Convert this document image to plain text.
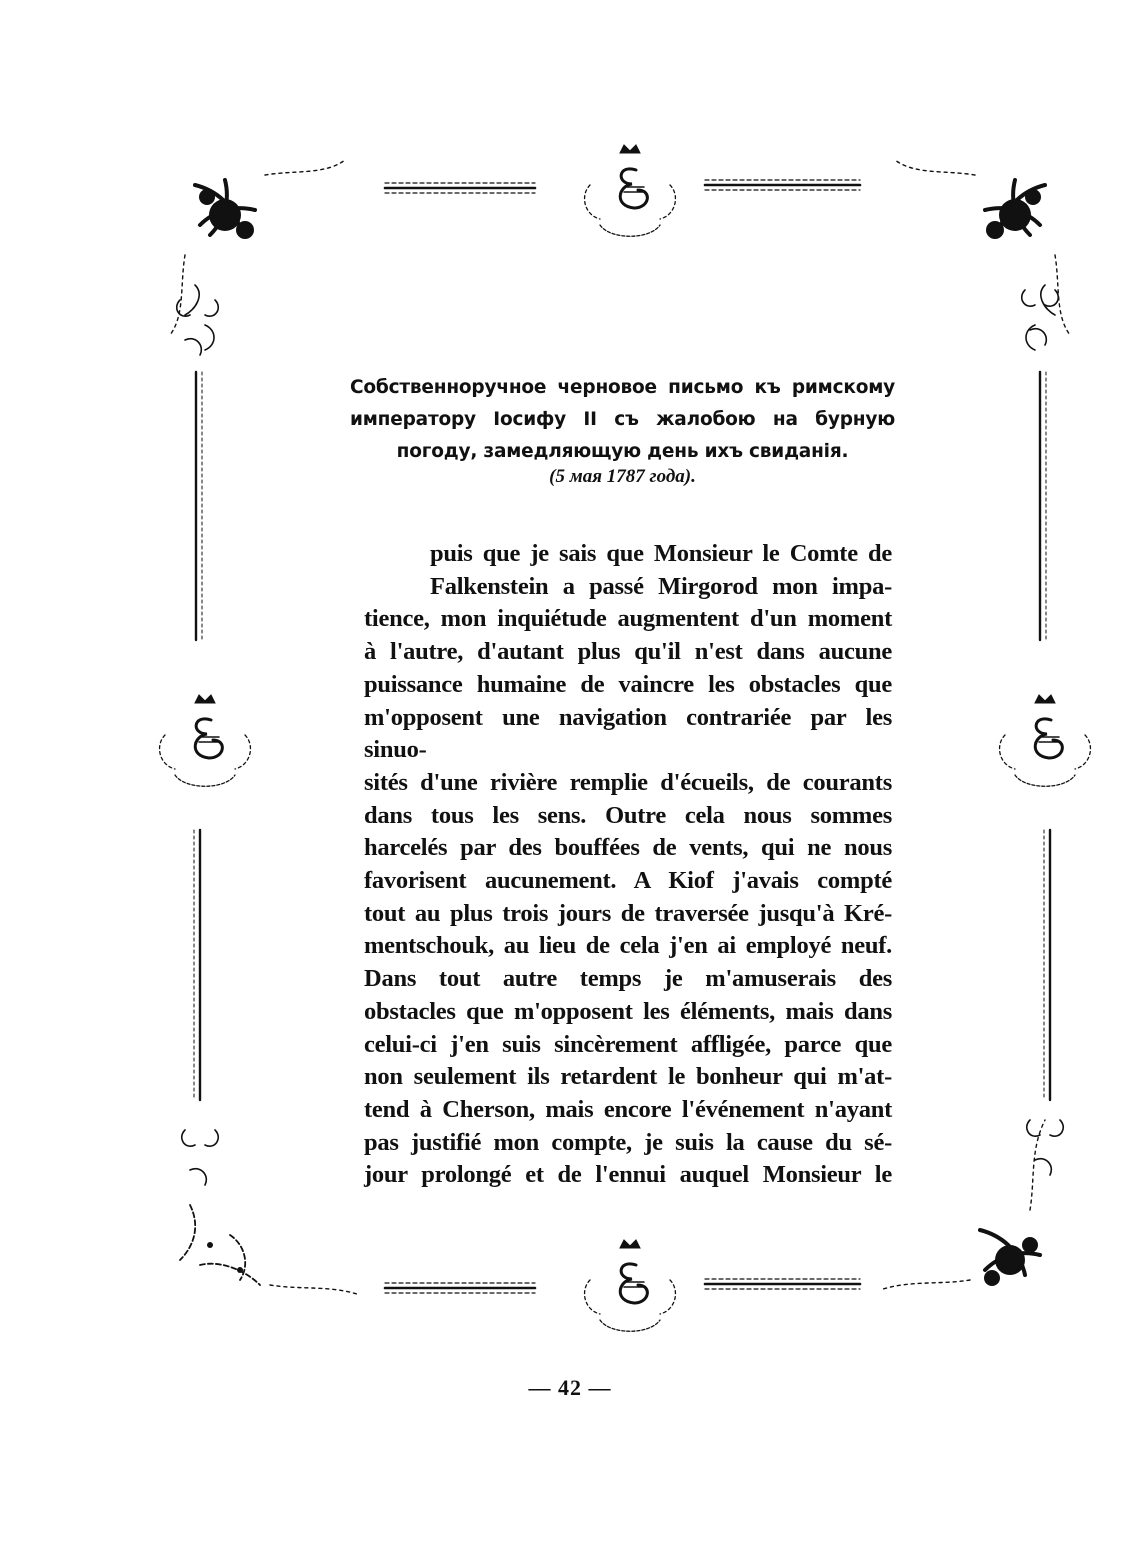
Собственноручное черновое письмо къ римскому императору Іосифу II съ жалобою на бурную погоду, замедляющую день ихъ свиданія.
(5 мая 1787 года).
puis que je sais que Monsieur le Comte de
Falkenstein a passé Mirgorod mon impa-
tience, mon inquiétude augmentent d'un moment
à l'autre, d'autant plus qu'il n'est dans aucune
puissance humaine de vaincre les obstacles que
m'opposent une navigation contrariée par les sinuo-
sités d'une rivière remplie d'écueils, de courants
dans tous les sens. Outre cela nous sommes
harcelés par des bouffées de vents, qui ne nous
favorisent aucunement. A Kiof j'avais compté
tout au plus trois jours de traversée jusqu'à Kré-
mentschouk, au lieu de cela j'en ai employé neuf.
Dans tout autre temps je m'amuserais des
obstacles que m'opposent les éléments, mais dans
celui-ci j'en suis sincèrement affligée, parce que
non seulement ils retardent le bonheur qui m'at-
tend à Cherson, mais encore l'événement n'ayant
pas justifié mon compte, je suis la cause du sé-
jour prolongé et de l'ennui auquel Monsieur le
— 42 —
